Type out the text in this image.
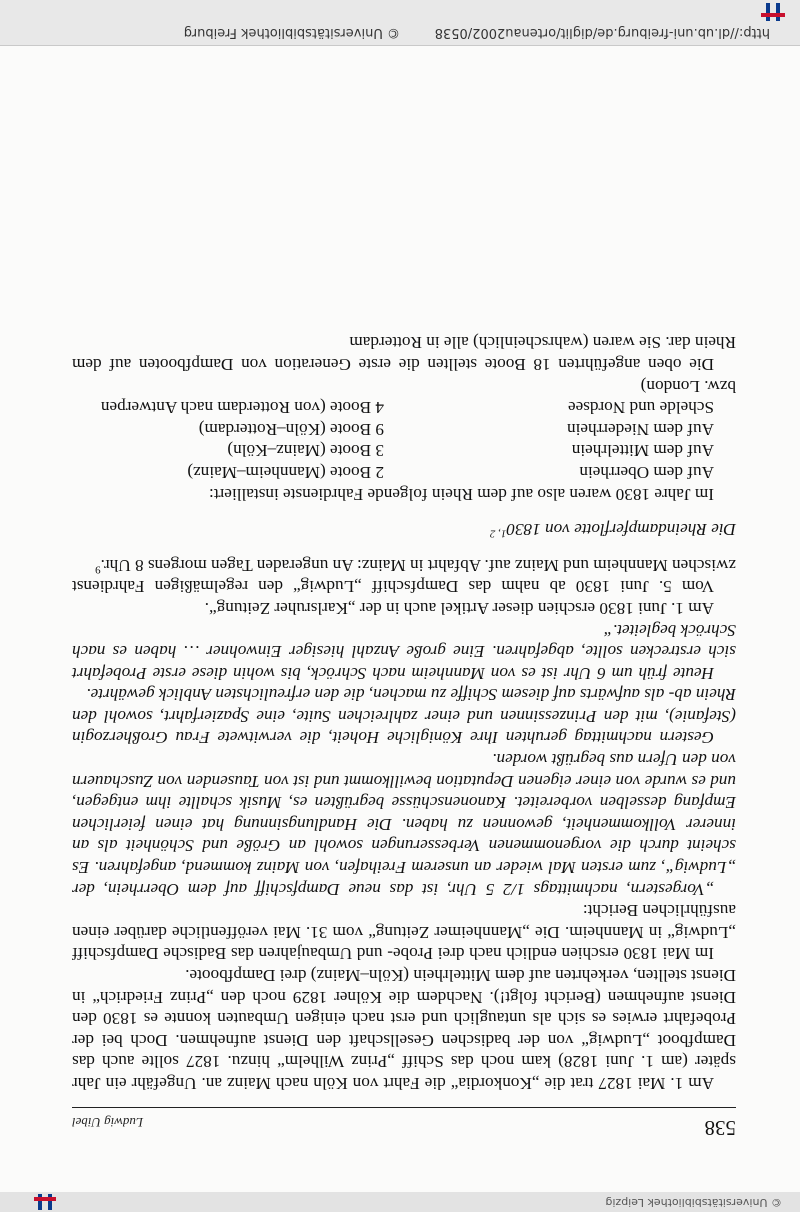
© Universitätsbibliothek Leipzig
538
Ludwig Uibel

Am 1. Mai 1827 trat die „Konkordia“ die Fahrt von Köln nach Mainz an. Ungefähr ein Jahr später (am 1. Juni 1828) kam noch das Schiff „Prinz Wilhelm“ hinzu. 1827 sollte auch das Dampfboot „Ludwig“ von der badischen Gesellschaft den Dienst aufnehmen. Doch bei der Probefahrt erwies es sich als untauglich und erst nach einigen Umbauten konnte es 1830 den Dienst aufnehmen (Bericht folgt!). Nachdem die Kölner 1829 noch den „Prinz Friedrich“ in Dienst stellten, verkehrten auf dem Mittelrhein (Köln–Mainz) drei Dampfboote.

Im Mai 1830 erschien endlich nach drei Probe- und Umbaujahren das Badische Dampfschiff „Ludwig“ in Mannheim. Die „Mannheimer Zeitung“ vom 31. Mai veröffentliche darüber einen ausführlichen Bericht:

„Vorgestern, nachmittags 1/2 5 Uhr, ist das neue Dampfschiff auf dem Oberrhein, der „Ludwig“, zum ersten Mal wieder an unserem Freihafen, von Mainz kommend, angefahren. Es scheint durch die vorgenommenen Verbesserungen sowohl an Größe und Schönheit als an innerer Vollkommenheit, gewonnen zu haben. Die Handlungsinnung hat einen feierlichen Empfang desselben vorbereitet. Kanonenschüsse begrüßten es, Musik schallte ihm entgegen, und es wurde von einer eigenen Deputation bewillkommt und ist von Tausenden von Zuschauern von den Ufern aus begrüßt worden.

Gestern nachmittag geruhten Ihre Königliche Hoheit, die verwitwete Frau Großherzogin (Stefanie), mit den Prinzessinnen und einer zahlreichen Suite, eine Spazierfahrt, sowohl den Rhein ab- als aufwärts auf diesem Schiffe zu machen, die den erfreulichsten Anblick gewährte.

Heute früh um 6 Uhr ist es von Mannheim nach Schröck, bis wohin diese erste Probefahrt sich erstrecken sollte, abgefahren. Eine große Anzahl hiesiger Einwohner … haben es nach Schröck begleitet.“

Am 1. Juni 1830 erschien dieser Artikel auch in der „Karlsruher Zeitung“.

Vom 5. Juni 1830 ab nahm das Dampfschiff „Ludwig“ den regelmäßigen Fahrdienst zwischen Mannheim und Mainz auf. Abfahrt in Mainz: An ungeraden Tagen morgens 8 Uhr.$^9$

Die Rheindampferflotte von 1830$^{1, 2}$

Im Jahre 1830 waren also auf dem Rhein folgende Fahrdienste installiert:

Auf dem Oberrhein
2 Boote (Mannheim–Mainz)
Auf dem Mittelrhein
3 Boote (Mainz–Köln)
Auf dem Niederrhein
9 Boote (Köln–Rotterdam)
Schelde und Nordsee
4 Boote (von Rotterdam nach Antwerpen

bzw. London)

Die oben angeführten 18 Boote stellten die erste Generation von Dampfbooten auf dem Rhein dar. Sie waren (wahrscheinlich) alle in Rotterdam

http://dl.ub.uni-freiburg.de/diglit/ortenau2002/0538
© Universitätsbibliothek Freiburg
